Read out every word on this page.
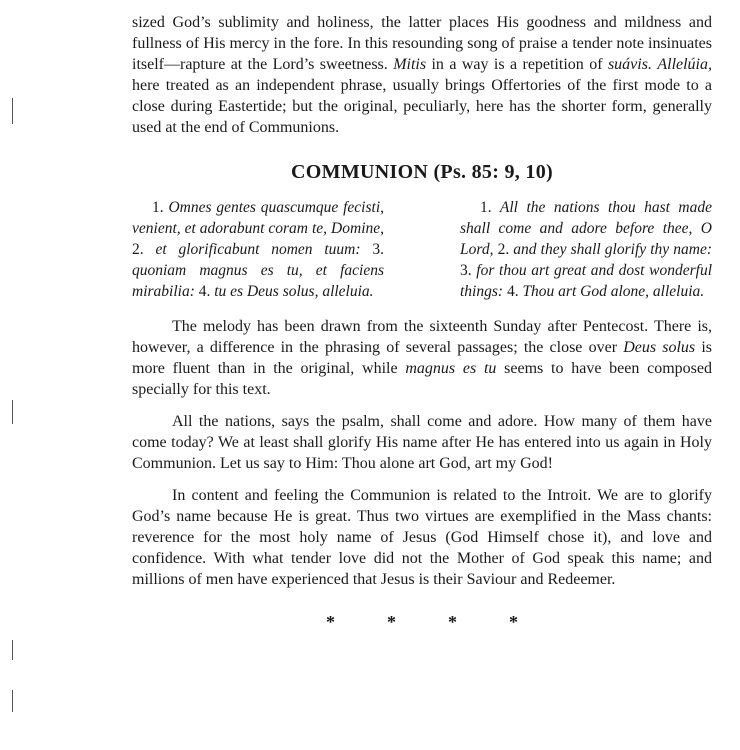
sized God’s sublimity and holiness, the latter places His goodness and mildness and fullness of His mercy in the fore. In this resounding song of praise a tender note insinuates itself—rapture at the Lord’s sweetness. Mitis in a way is a repetition of suávis. Allelúia, here treated as an independent phrase, usually brings Offertories of the first mode to a close during Eastertide; but the original, peculiarly, here has the shorter form, generally used at the end of Communions.

COMMUNION (Ps. 85: 9, 10)
1. Omnes gentes quascumque fecisti, venient, et adorabunt coram te, Domine, 2. et glorificabunt nomen tuum: 3. quoniam magnus es tu, et faciens mirabilia: 4. tu es Deus solus, alleluia.
1. All the nations thou hast made shall come and adore before thee, O Lord, 2. and they shall glorify thy name: 3. for thou art great and dost wonderful things: 4. Thou art God alone, alleluia.

The melody has been drawn from the sixteenth Sunday after Pentecost. There is, however, a difference in the phrasing of several passages; the close over Deus solus is more fluent than in the original, while magnus es tu seems to have been composed specially for this text.

All the nations, says the psalm, shall come and adore. How many of them have come today? We at least shall glorify His name after He has entered into us again in Holy Communion. Let us say to Him: Thou alone art God, art my God!

In content and feeling the Communion is related to the Introit. We are to glorify God’s name because He is great. Thus two virtues are exemplified in the Mass chants: reverence for the most holy name of Jesus (God Himself chose it), and love and confidence. With what tender love did not the Mother of God speak this name; and millions of men have experienced that Jesus is their Saviour and Redeemer.

*	*	*	*
